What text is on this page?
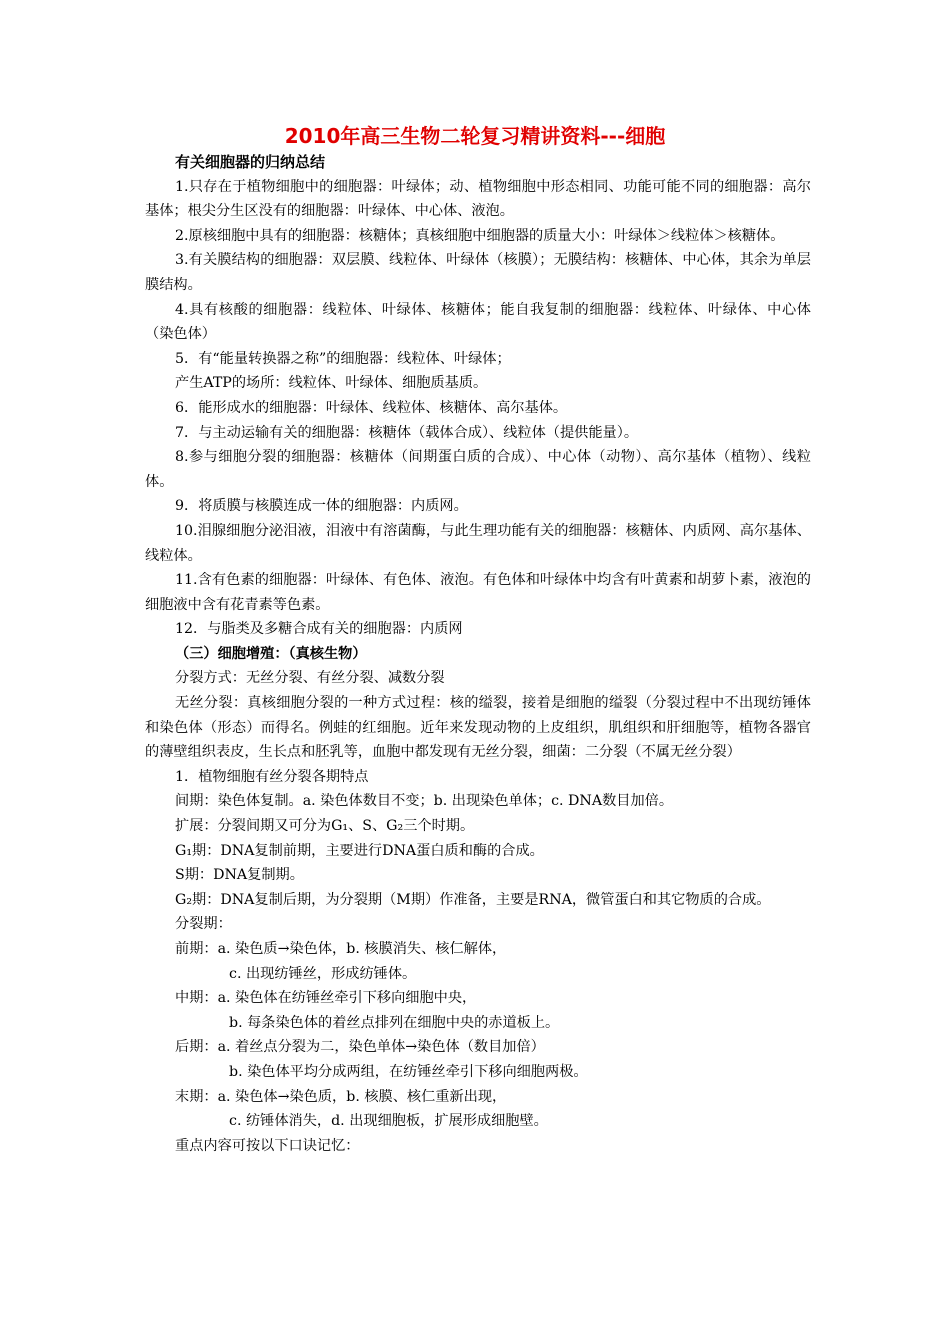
2010年高三生物二轮复习精讲资料---细胞

有关细胞器的归纳总结

1.只存在于植物细胞中的细胞器：叶绿体；动、植物细胞中形态相同、功能可能不同的细胞器：高尔基体；根尖分生区没有的细胞器：叶绿体、中心体、液泡。

2.原核细胞中具有的细胞器：核糖体；真核细胞中细胞器的质量大小：叶绿体＞线粒体＞核糖体。

3.有关膜结构的细胞器：双层膜、线粒体、叶绿体（核膜）；无膜结构：核糖体、中心体，其余为单层膜结构。

4.具有核酸的细胞器：线粒体、叶绿体、核糖体；能自我复制的细胞器：线粒体、叶绿体、中心体（染色体）

5．有“能量转换器之称”的细胞器：线粒体、叶绿体；

产生ATP的场所：线粒体、叶绿体、细胞质基质。

6．能形成水的细胞器：叶绿体、线粒体、核糖体、高尔基体。

7．与主动运输有关的细胞器：核糖体（载体合成）、线粒体（提供能量）。

8.参与细胞分裂的细胞器：核糖体（间期蛋白质的合成）、中心体（动物）、高尔基体（植物）、线粒体。

9．将质膜与核膜连成一体的细胞器：内质网。

10.泪腺细胞分泌泪液，泪液中有溶菌酶，与此生理功能有关的细胞器：核糖体、内质网、高尔基体、线粒体。

11.含有色素的细胞器：叶绿体、有色体、液泡。有色体和叶绿体中均含有叶黄素和胡萝卜素，液泡的细胞液中含有花青素等色素。

12．与脂类及多糖合成有关的细胞器：内质网

（三）细胞增殖：（真核生物）

分裂方式：无丝分裂、有丝分裂、减数分裂

无丝分裂：真核细胞分裂的一种方式过程：核的缢裂，接着是细胞的缢裂（分裂过程中不出现纺锤体和染色体（形态）而得名。例蛙的红细胞。近年来发现动物的上皮组织，肌组织和肝细胞等，植物各器官的薄壁组织表皮，生长点和胚乳等，血胞中都发现有无丝分裂，细菌：二分裂（不属无丝分裂）

1．植物细胞有丝分裂各期特点

间期：染色体复制。a. 染色体数目不变；b. 出现染色单体；c. DNA数目加倍。

扩展：分裂间期又可分为G₁、S、G₂三个时期。

G₁期：DNA复制前期，主要进行DNA蛋白质和酶的合成。

S期：DNA复制期。

G₂期：DNA复制后期，为分裂期（M期）作准备，主要是RNA，微管蛋白和其它物质的合成。

分裂期：

前期：a. 染色质→染色体，b. 核膜消失、核仁解体，

c. 出现纺锤丝，形成纺锤体。

中期：a. 染色体在纺锤丝牵引下移向细胞中央，

b. 每条染色体的着丝点排列在细胞中央的赤道板上。

后期：a. 着丝点分裂为二，染色单体→染色体（数目加倍）

b. 染色体平均分成两组，在纺锤丝牵引下移向细胞两极。

末期：a. 染色体→染色质，b. 核膜、核仁重新出现，

c. 纺锤体消失，d. 出现细胞板，扩展形成细胞壁。

重点内容可按以下口诀记忆：
